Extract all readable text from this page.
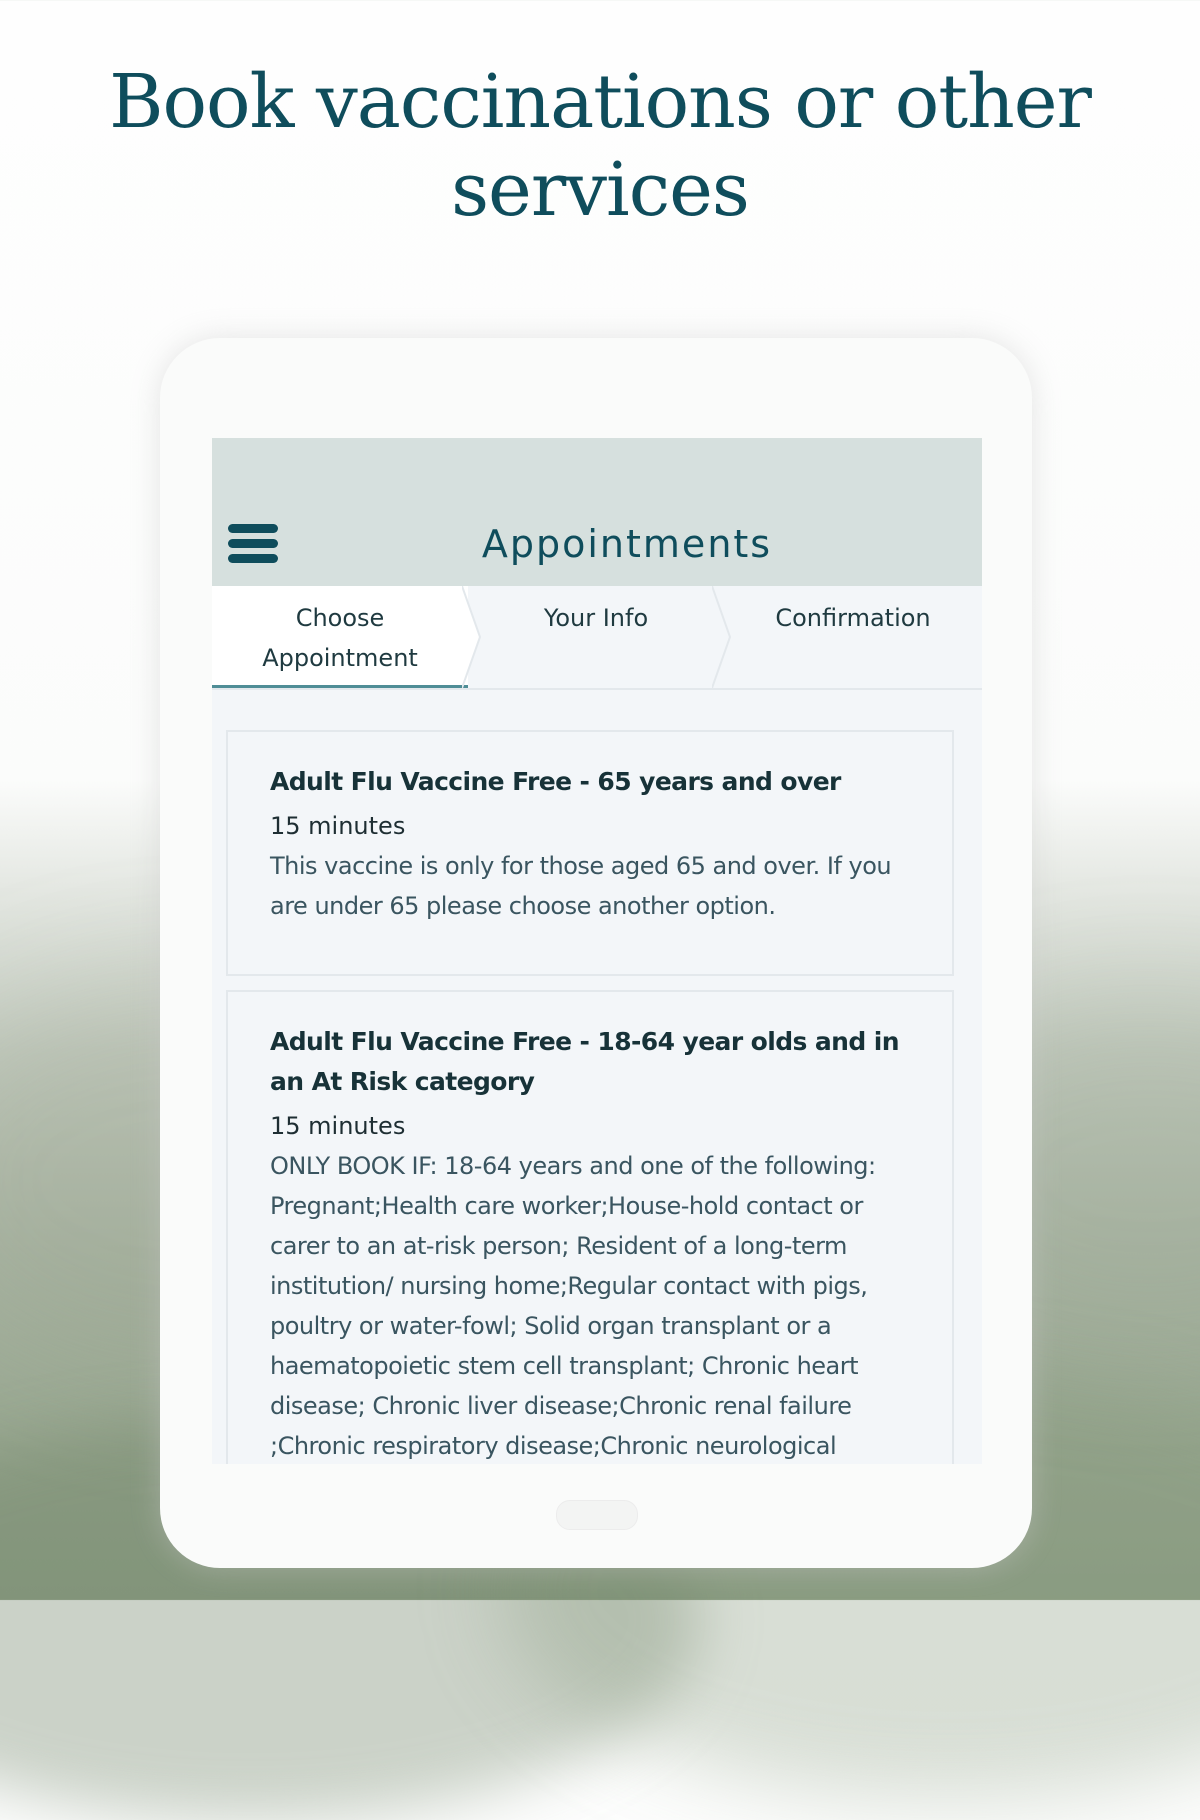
Book vaccinations or other
services
Appointments
Choose
Appointment
Your Info	Confirmation

Adult Flu Vaccine Free - 65 years and over

15 minutes

This vaccine is only for those aged 65 and over. If you are under 65 please choose another option.

Adult Flu Vaccine Free - 18-64 year olds and in an At Risk category

15 minutes

ONLY BOOK IF: 18-64 years and one of the following: Pregnant;Health care worker;House-hold contact or carer to an at-risk person; Resident of a long-term institution/ nursing home;Regular contact with pigs, poultry or water-fowl; Solid organ transplant or a haematopoietic stem cell transplant; Chronic heart disease; Chronic liver disease;Chronic renal failure ;Chronic respiratory disease;Chronic neurological
